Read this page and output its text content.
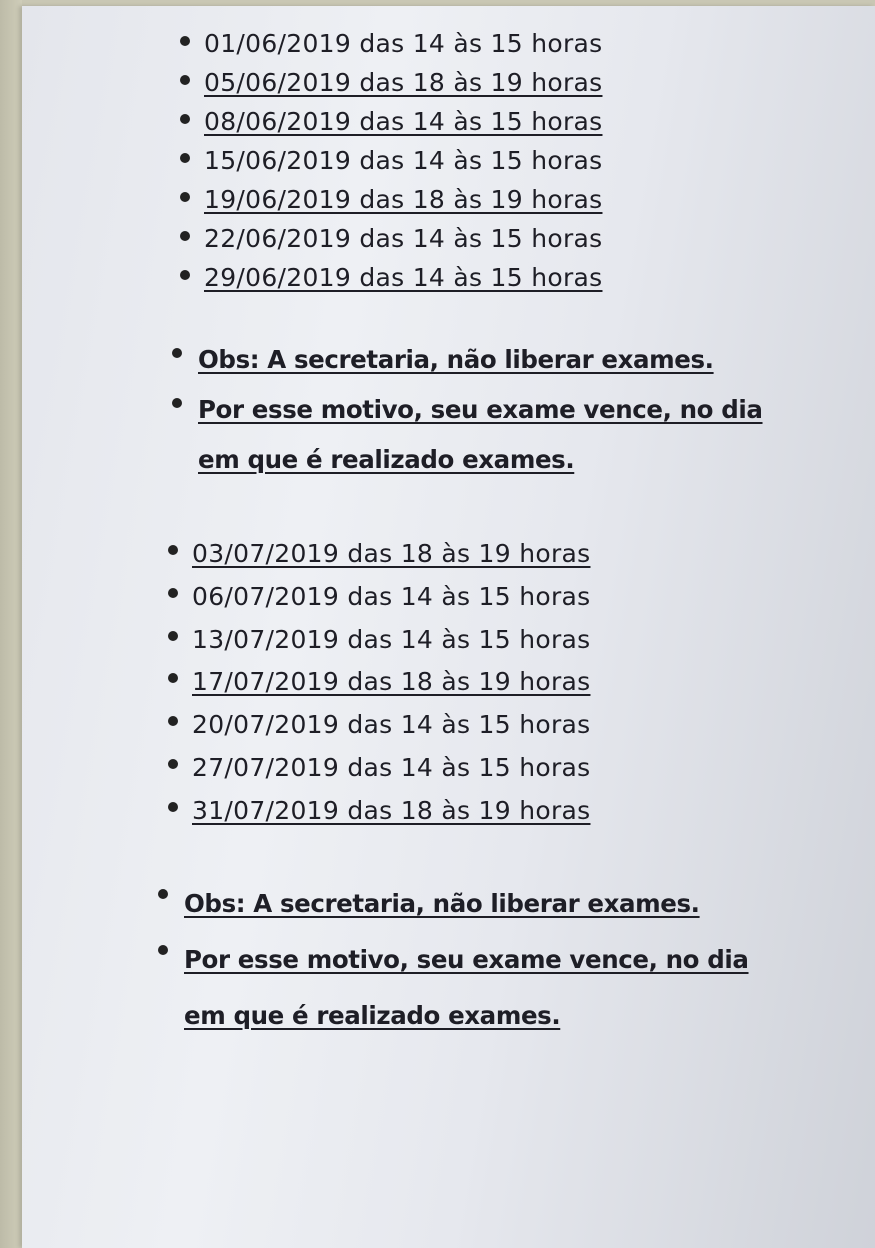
01/06/2019 das 14 às 15 horas
05/06/2019 das 18 às 19 horas
08/06/2019 das 14 às 15 horas
15/06/2019 das 14 às 15 horas
19/06/2019 das 18 às 19 horas
22/06/2019 das 14 às 15 horas
29/06/2019 das 14 às 15 horas
Obs: A secretaria, não liberar exames.
Por esse motivo, seu exame vence, no dia
em que é realizado exames.
03/07/2019 das 18 às 19 horas
06/07/2019 das 14 às 15 horas
13/07/2019 das 14 às 15 horas
17/07/2019 das 18 às 19 horas
20/07/2019 das 14 às 15 horas
27/07/2019 das 14 às 15 horas
31/07/2019 das 18 às 19 horas
Obs: A secretaria, não liberar exames.
Por esse motivo, seu exame vence, no dia
em que é realizado exames.
